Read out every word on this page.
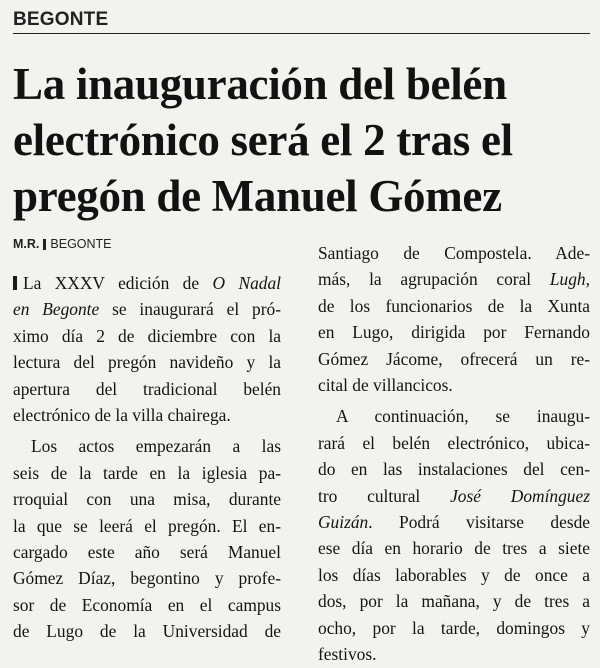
BEGONTE
La inauguración del belén
electrónico será el 2 tras el
pregón de Manuel Gómez
M.R. BEGONTE
La XXXV edición de O Nadal
en Begonte se inaugurará el pró-
ximo día 2 de diciembre con la
lectura del pregón navideño y la
apertura del tradicional belén
electrónico de la villa chairega.
Los actos empezarán a las
seis de la tarde en la iglesia pa-
rroquial con una misa, durante
la que se leerá el pregón. El en-
cargado este año será Manuel
Gómez Díaz, begontino y profe-
sor de Economía en el campus
de Lugo de la Universidad de
Santiago de Compostela. Ade-
más, la agrupación coral Lugh,
de los funcionarios de la Xunta
en Lugo, dirigida por Fernando
Gómez Jácome, ofrecerá un re-
cital de villancicos.
A continuación, se inaugu-
rará el belén electrónico, ubica-
do en las instalaciones del cen-
tro cultural José Domínguez
Guizán. Podrá visitarse desde
ese día en horario de tres a siete
los días laborables y de once a
dos, por la mañana, y de tres a
ocho, por la tarde, domingos y
festivos.
